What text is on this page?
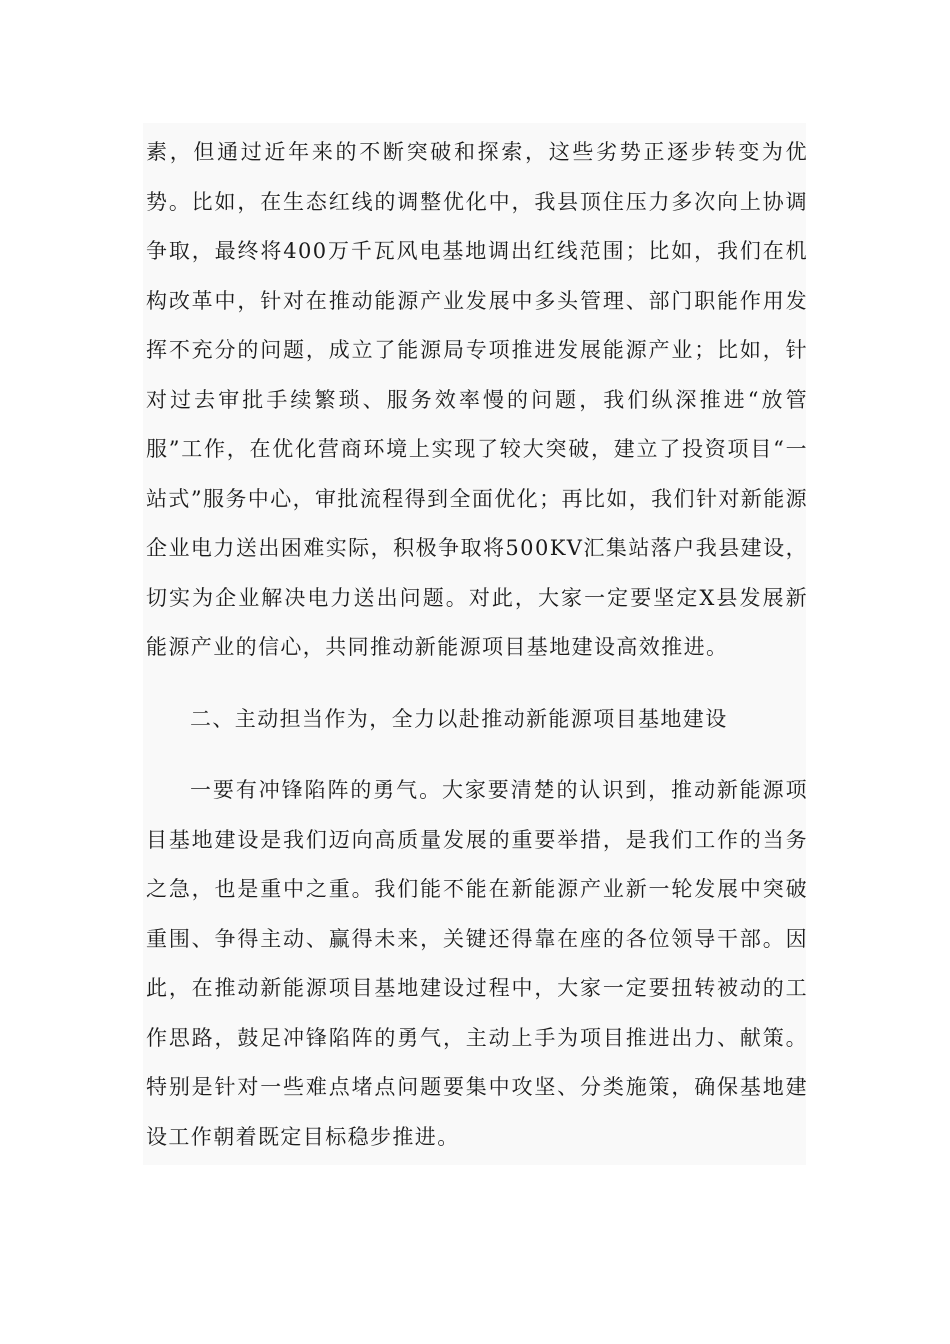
素，但通过近年来的不断突破和探索，这些劣势正逐步转变为优势。比如，在生态红线的调整优化中，我县顶住压力多次向上协调争取，最终将400万千瓦风电基地调出红线范围；比如，我们在机构改革中，针对在推动能源产业发展中多头管理、部门职能作用发挥不充分的问题，成立了能源局专项推进发展能源产业；比如，针对过去审批手续繁琐、服务效率慢的问题，我们纵深推进“放管服”工作，在优化营商环境上实现了较大突破，建立了投资项目“一站式”服务中心，审批流程得到全面优化；再比如，我们针对新能源企业电力送出困难实际，积极争取将500KV汇集站落户我县建设，切实为企业解决电力送出问题。对此，大家一定要坚定X县发展新能源产业的信心，共同推动新能源项目基地建设高效推进。

二、主动担当作为，全力以赴推动新能源项目基地建设

一要有冲锋陷阵的勇气。大家要清楚的认识到，推动新能源项目基地建设是我们迈向高质量发展的重要举措，是我们工作的当务之急，也是重中之重。我们能不能在新能源产业新一轮发展中突破重围、争得主动、赢得未来，关键还得靠在座的各位领导干部。因此，在推动新能源项目基地建设过程中，大家一定要扭转被动的工作思路，鼓足冲锋陷阵的勇气，主动上手为项目推进出力、献策。特别是针对一些难点堵点问题要集中攻坚、分类施策，确保基地建设工作朝着既定目标稳步推进。
